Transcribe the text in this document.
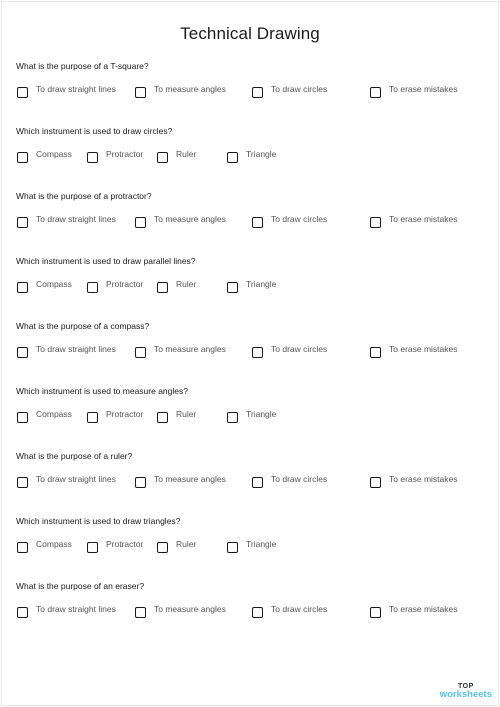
Technical Drawing
What is the purpose of a T-square?
To draw straight lines	To measure angles	To draw circles	To erase mistakes
Which instrument is used to draw circles?
Compass	Protractor	Ruler	Triangle
What is the purpose of a protractor?
To draw straight lines	To measure angles	To draw circles	To erase mistakes
Which instrument is used to draw parallel lines?
Compass	Protractor	Ruler	Triangle
What is the purpose of a compass?
To draw straight lines	To measure angles	To draw circles	To erase mistakes
Which instrument is used to measure angles?
Compass	Protractor	Ruler	Triangle
What is the purpose of a ruler?
To draw straight lines	To measure angles	To draw circles	To erase mistakes
Which instrument is used to draw triangles?
Compass	Protractor	Ruler	Triangle
What is the purpose of an eraser?
To draw straight lines	To measure angles	To draw circles	To erase mistakes
TOP
worksheets
